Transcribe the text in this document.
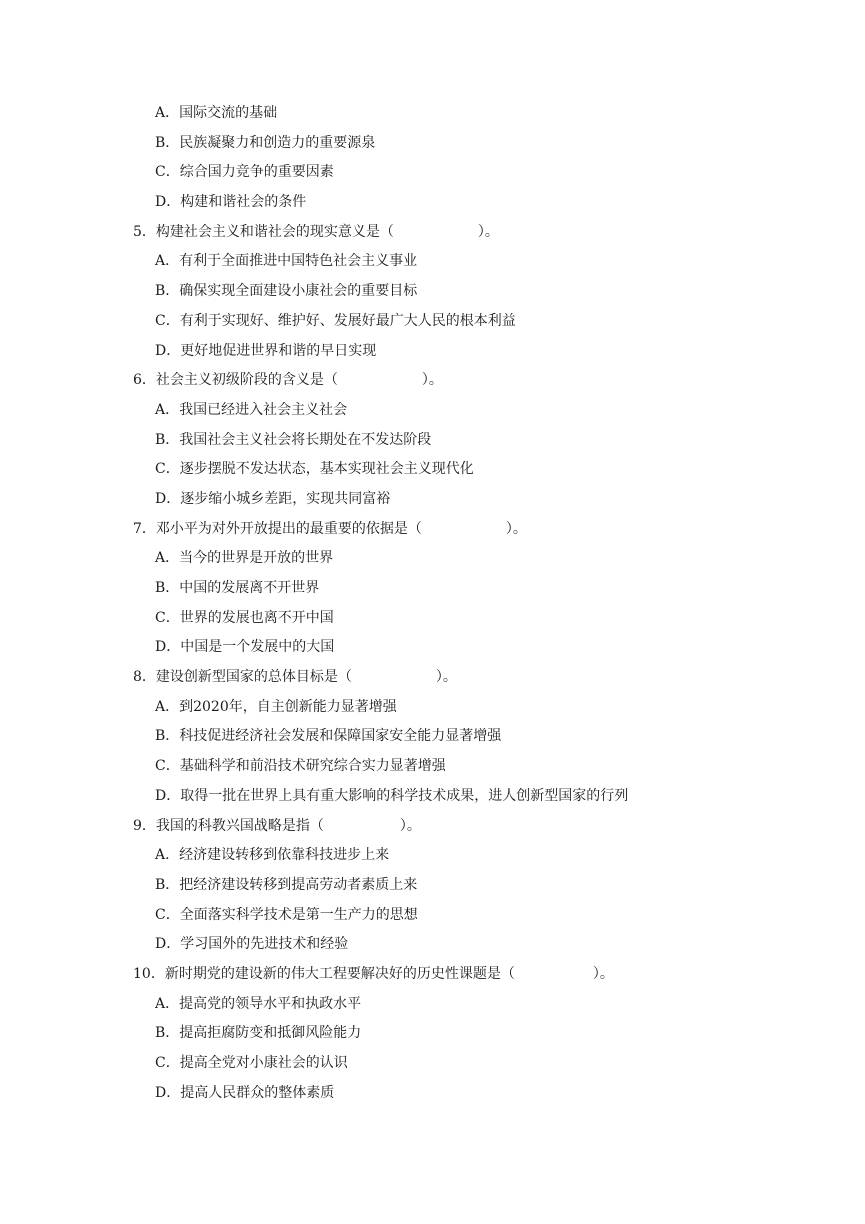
A．国际交流的基础
B．民族凝聚力和创造力的重要源泉
C．综合国力竞争的重要因素
D．构建和谐社会的条件
5．构建社会主义和谐社会的现实意义是（	）。
A．有利于全面推进中国特色社会主义事业
B．确保实现全面建设小康社会的重要目标
C．有利于实现好、维护好、发展好最广大人民的根本利益
D．更好地促进世界和谐的早日实现
6．社会主义初级阶段的含义是（	）。
A．我国已经进入社会主义社会
B．我国社会主义社会将长期处在不发达阶段
C．逐步摆脱不发达状态，基本实现社会主义现代化
D．逐步缩小城乡差距，实现共同富裕
7．邓小平为对外开放提出的最重要的依据是（	）。
A．当今的世界是开放的世界
B．中国的发展离不开世界
C．世界的发展也离不开中国
D．中国是一个发展中的大国
8．建设创新型国家的总体目标是（	）。
A．到2020年，自主创新能力显著增强
B．科技促进经济社会发展和保障国家安全能力显著增强
C．基础科学和前沿技术研究综合实力显著增强
D．取得一批在世界上具有重大影响的科学技术成果，进人创新型国家的行列
9．我国的科教兴国战略是指（	）。
A．经济建设转移到依靠科技进步上来
B．把经济建设转移到提高劳动者素质上来
C．全面落实科学技术是第一生产力的思想
D．学习国外的先进技术和经验
10．新时期党的建设新的伟大工程要解决好的历史性课题是（	）。
A．提高党的领导水平和执政水平
B．提高拒腐防变和抵御风险能力
C．提高全党对小康社会的认识
D．提高人民群众的整体素质
